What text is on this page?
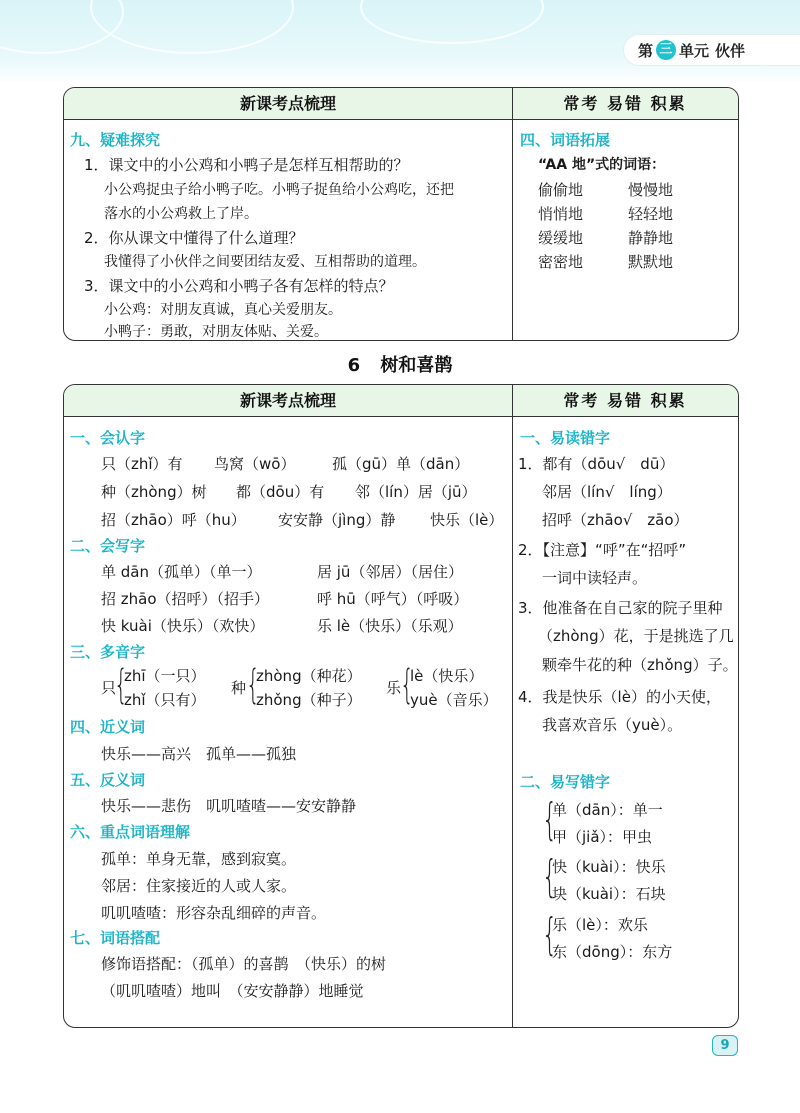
第 三 单元 伙伴
新课考点梳理	常考 易错 积累
九、疑难探究
1．课文中的小公鸡和小鸭子是怎样互相帮助的？
小公鸡捉虫子给小鸭子吃。小鸭子捉鱼给小公鸡吃，还把
落水的小公鸡救上了岸。
2．你从课文中懂得了什么道理？
我懂得了小伙伴之间要团结友爱、互相帮助的道理。
3．课文中的小公鸡和小鸭子各有怎样的特点？
小公鸡：对朋友真诚，真心关爱朋友。
小鸭子：勇敢，对朋友体贴、关爱。
四、词语拓展
“AA 地”式的词语：
偷偷地	慢慢地
悄悄地	轻轻地
缓缓地	静静地
密密地	默默地
6 树和喜鹊
新课考点梳理	常考 易错 积累
一、会认字
只（zhǐ）有 鸟窝（wō） 孤（gū）单（dān）
种（zhòng）树 都（dōu）有 邻（lín）居（jū）
招（zhāo）呼（hu） 安安静（jìng）静 快乐（lè）
二、会写字
单 dān（孤单）（单一）	居 jū（邻居）（居住）
招 zhāo（招呼）（招手）	呼 hū（呼气）（呼吸）
快 kuài（快乐）（欢快）	乐 lè（快乐）（乐观）
三、多音字
只
{
zhī（一只）
zhǐ（只有）
种 {
zhòng（种花）
zhǒng（种子）
乐
{
lè（快乐）
yuè（音乐）
四、近义词
快乐——高兴　孤单——孤独
五、反义词
快乐——悲伤　叽叽喳喳——安安静静
六、重点词语理解
孤单：单身无靠，感到寂寞。
邻居：住家接近的人或人家。
叽叽喳喳：形容杂乱细碎的声音。
七、词语搭配
修饰语搭配：（孤单）的喜鹊　（快乐）的树
（叽叽喳喳）地叫　（安安静静）地睡觉
一、易读错字
1．都有（dōu√　dū）
邻居（lín√　líng）
招呼（zhāo√　zāo）
2．【注意】“呼”在“招呼”
一词中读轻声。
3．他准备在自己家的院子里种
（zhòng）花，于是挑选了几
颗牵牛花的种（zhǒng）子。
4．我是快乐（lè）的小天使，
我喜欢音乐（yuè）。
二、易写错字
{
单（dān）：单一
甲（jiǎ）：甲虫
{
快（kuài）：快乐
块（kuài）：石块
{
乐（lè）：欢乐
东（dōng）：东方
9
